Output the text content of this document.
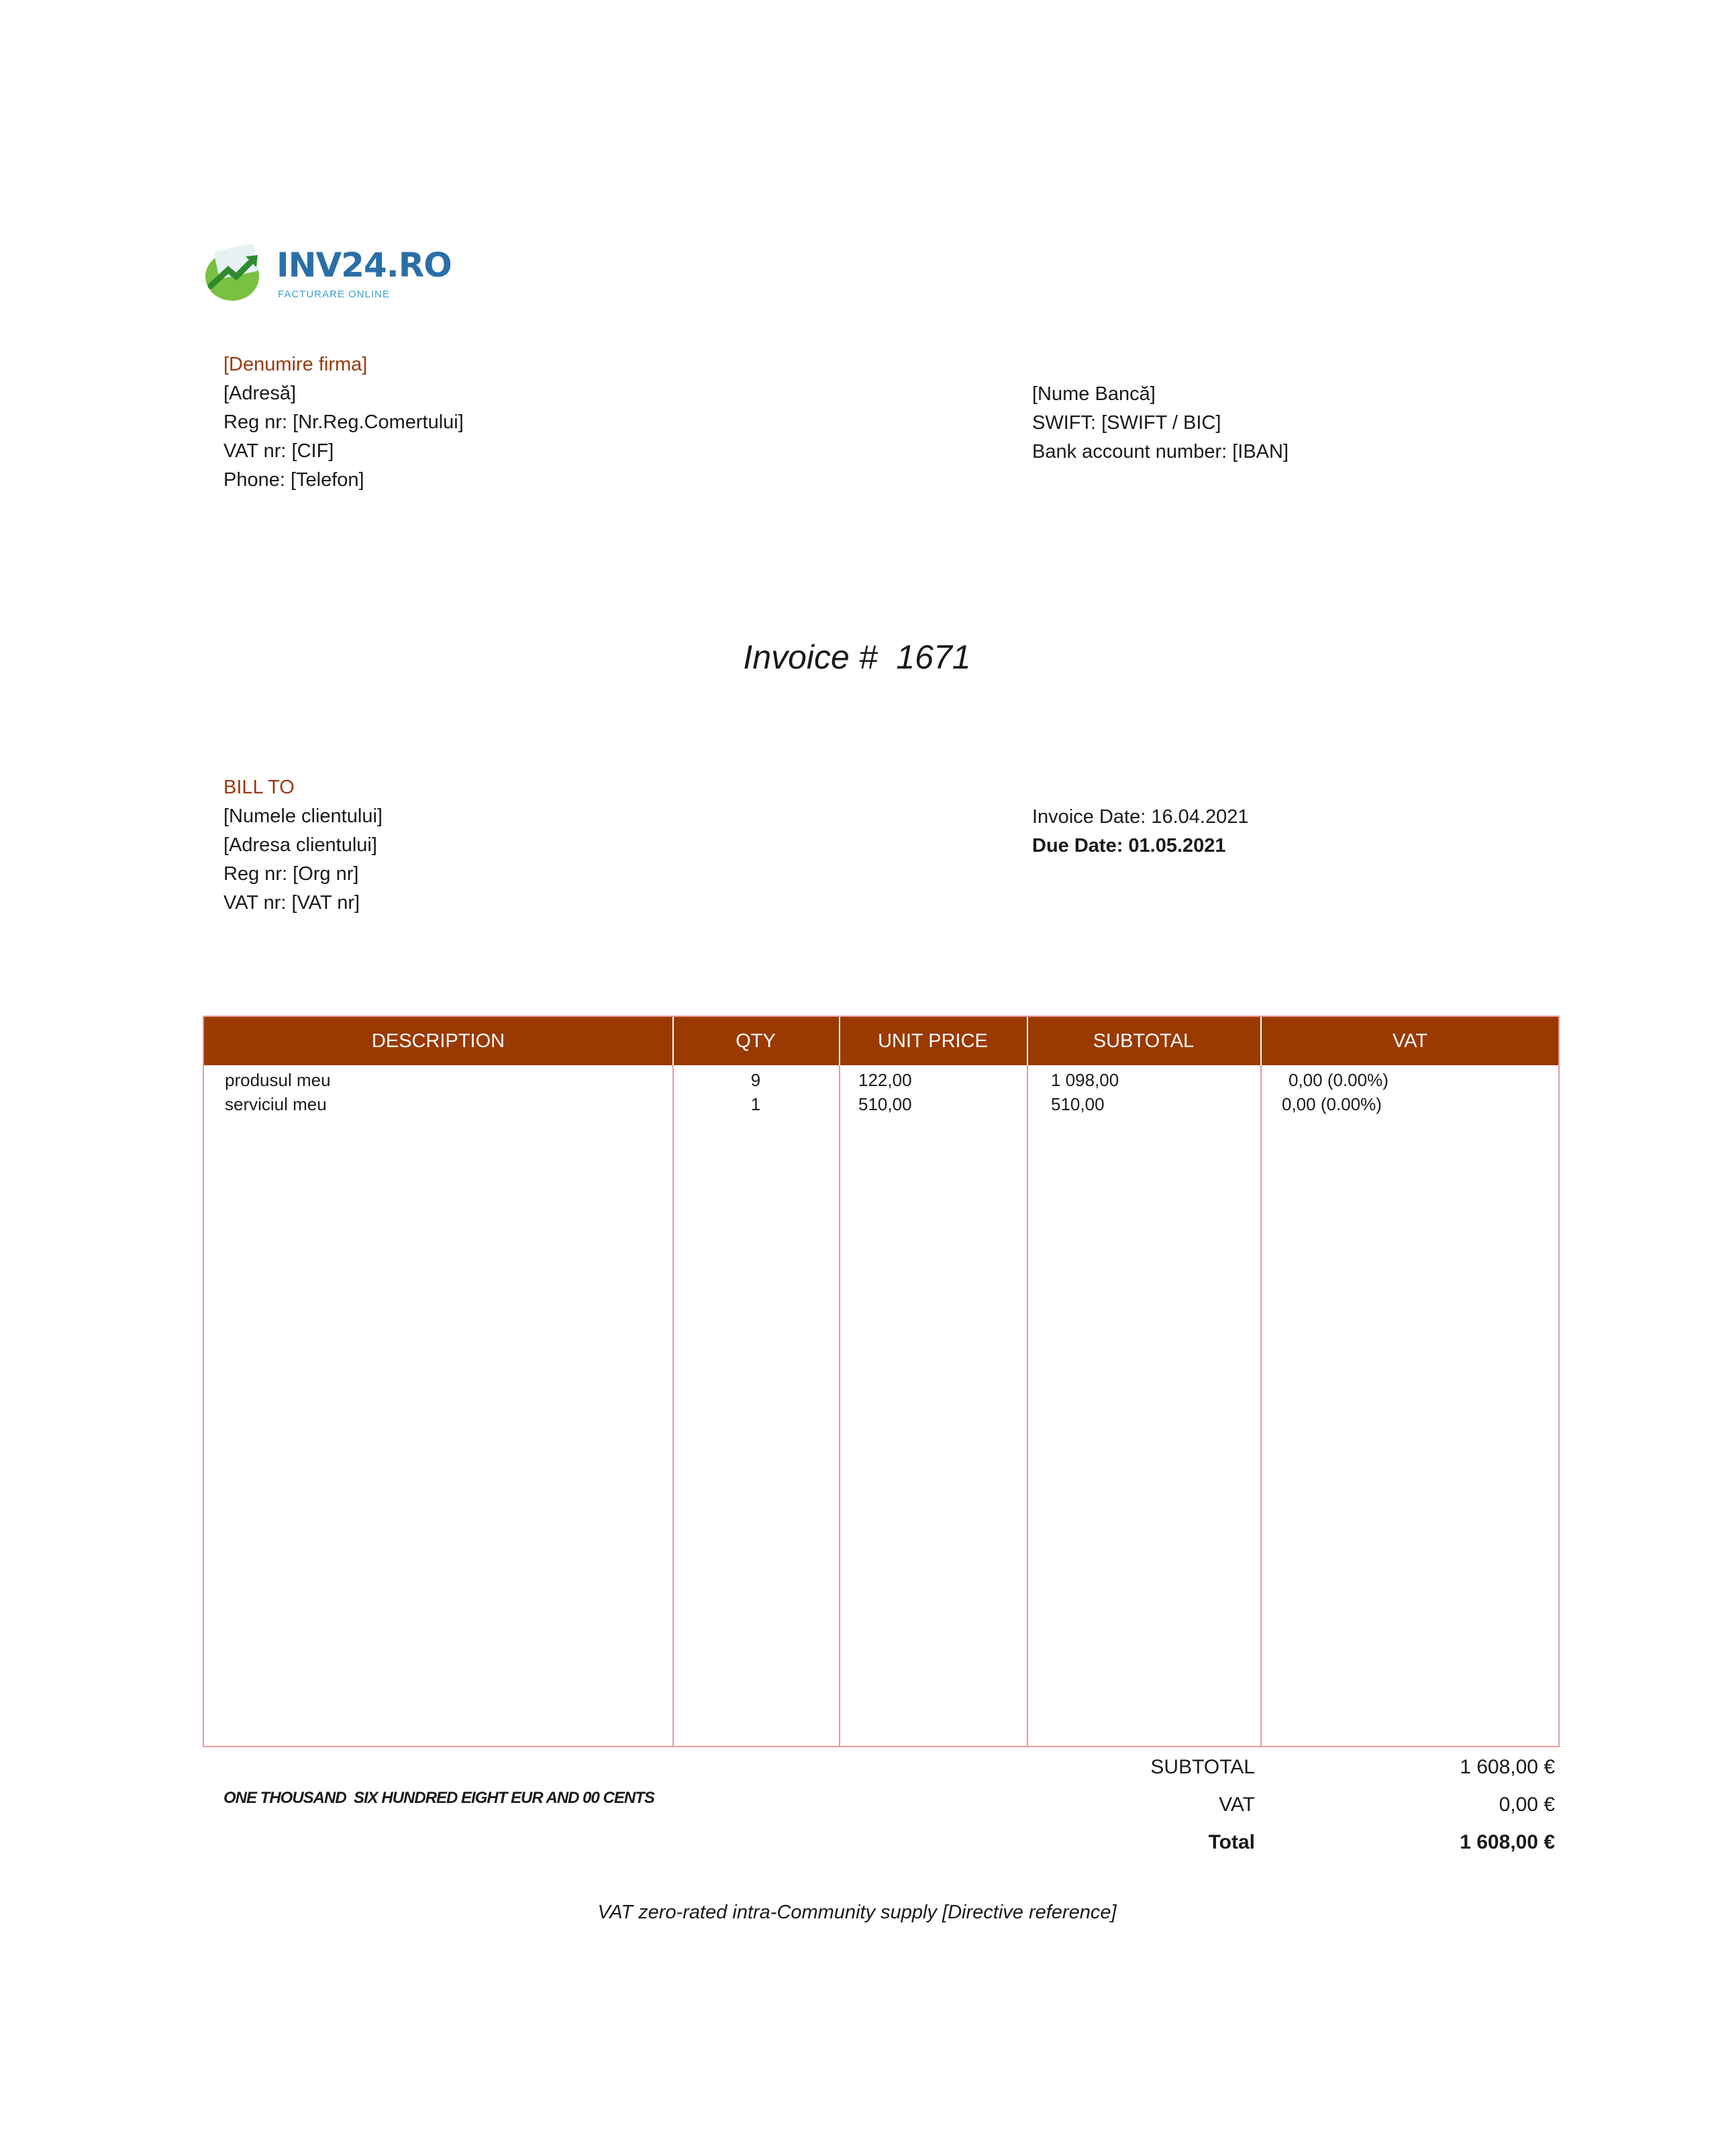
INV24.RO
FACTURARE ONLINE
[Denumire firma]
[Adresă]
Reg nr: [Nr.Reg.Comertului]
VAT nr: [CIF]
Phone: [Telefon]
[Nume Bancă]
SWIFT: [SWIFT / BIC]
Bank account number: [IBAN]
Invoice #  1671
BILL TO
[Numele clientului]
[Adresa clientului]
Reg nr: [Org nr]
VAT nr: [VAT nr]
Invoice Date: 16.04.2021
Due Date: 01.05.2021
DESCRIPTION	QTY	UNIT PRICE	SUBTOTAL	VAT
produsul meu	9	122,00	1 098,00	0,00 (0.00%)
serviciul meu	1	510,00	510,00	0,00 (0.00%)
SUBTOTAL	1 608,00 €
VAT	0,00 €
Total	1 608,00 €
ONE THOUSAND  SIX HUNDRED EIGHT EUR AND 00 CENTS
VAT zero-rated intra-Community supply [Directive reference]
